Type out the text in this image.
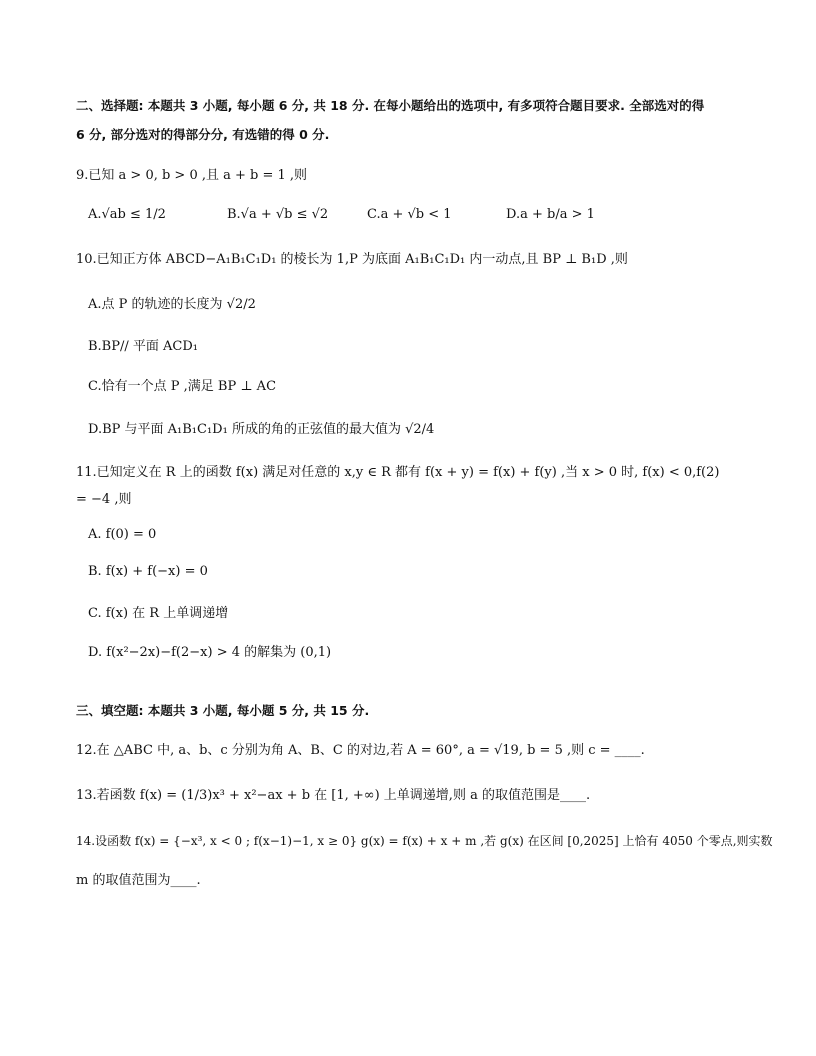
二、选择题: 本题共 3 小题, 每小题 6 分, 共 18 分. 在每小题给出的选项中, 有多项符合题目要求. 全部选对的得
6 分, 部分选对的得部分分, 有选错的得 0 分.
9.已知 a > 0, b > 0 ,且 a + b = 1 ,则
A.√ab ≤ 1/2	B.√a + √b ≤ √2	C.a + √b < 1	D.a + b/a > 1
10.已知正方体 ABCD−A₁B₁C₁D₁ 的棱长为 1,P 为底面 A₁B₁C₁D₁ 内一动点,且 BP ⊥ B₁D ,则
A.点 P 的轨迹的长度为 √2/2
B.BP// 平面 ACD₁
C.恰有一个点 P ,满足 BP ⊥ AC
D.BP 与平面 A₁B₁C₁D₁ 所成的角的正弦值的最大值为 √2/4
11.已知定义在 R 上的函数 f(x) 满足对任意的 x,y ∈ R 都有 f(x + y) = f(x) + f(y) ,当 x > 0 时, f(x) < 0,f(2)
= −4 ,则
A. f(0) = 0
B. f(x) + f(−x) = 0
C. f(x) 在 R 上单调递增
D. f(x²−2x)−f(2−x) > 4 的解集为 (0,1)
三、填空题: 本题共 3 小题, 每小题 5 分, 共 15 分.
12.在 △ABC 中, a、b、c 分别为角 A、B、C 的对边,若 A = 60°, a = √19, b = 5 ,则 c = ____.
13.若函数 f(x) = (1/3)x³ + x²−ax + b 在 [1, +∞) 上单调递增,则 a 的取值范围是____.
14.设函数 f(x) = {−x³, x < 0 ; f(x−1)−1, x ≥ 0} g(x) = f(x) + x + m ,若 g(x) 在区间 [0,2025] 上恰有 4050 个零点,则实数
m 的取值范围为____.
